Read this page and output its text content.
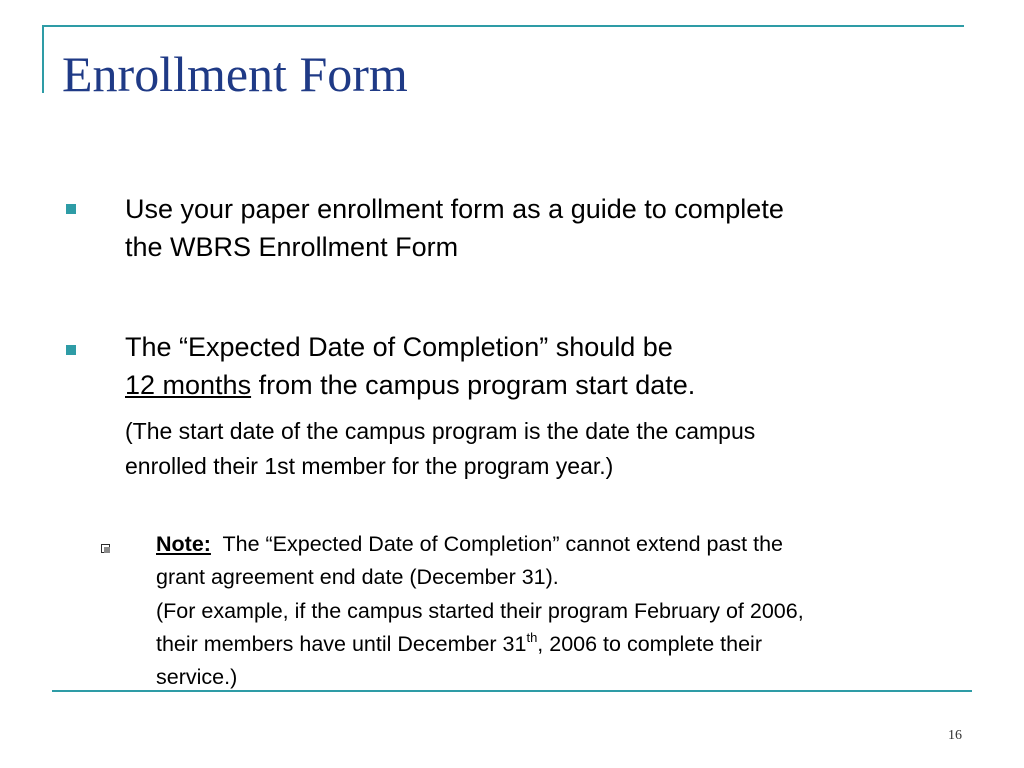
Enrollment Form
Use your paper enrollment form as a guide to complete
the WBRS Enrollment Form
The “Expected Date of Completion” should be
12 months from the campus program start date.
(The start date of the campus program is the date the campus
enrolled their 1st member for the program year.)
Note:  The “Expected Date of Completion” cannot extend past the
grant agreement end date (December 31).
(For example, if the campus started their program February of 2006,
their members have until December 31th, 2006 to complete their
service.)
16
